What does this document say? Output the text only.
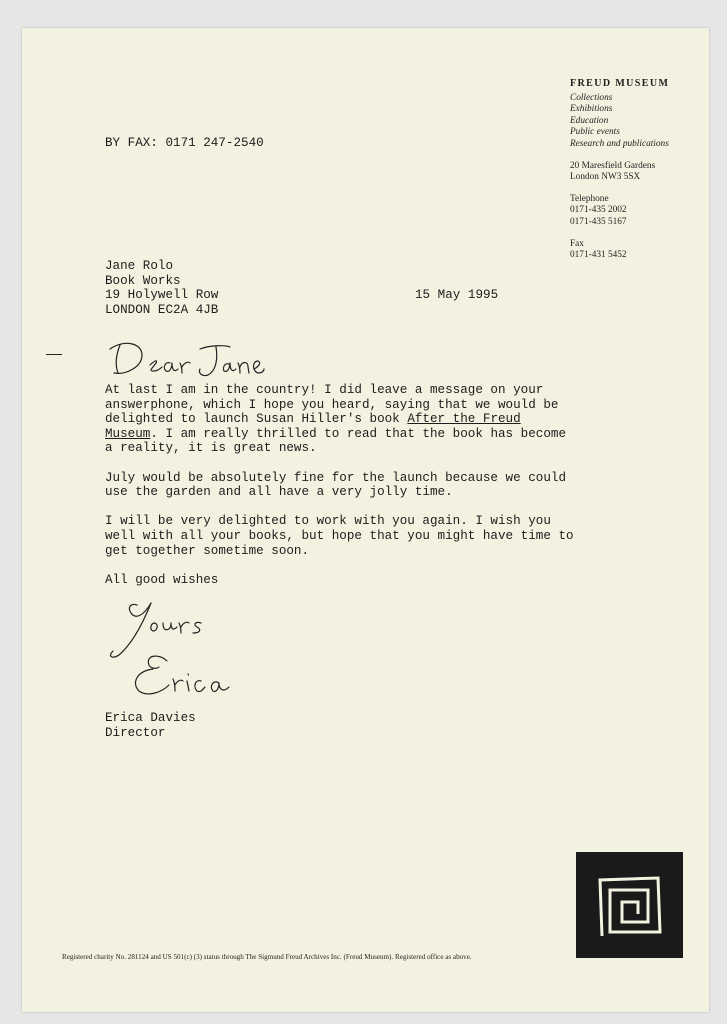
FREUD MUSEUM
Collections
Exhibitions
Education
Public events
Research and publications
20 Maresfield Gardens
London NW3 5SX
Telephone
0171-435 2002
0171-435 5167
Fax
0171-431 5452
BY FAX: 0171 247-2540
Jane Rolo
Book Works
19 Holywell Row
LONDON EC2A 4JB
15 May 1995

At last I am in the country! I did leave a message on your answerphone, which I hope you heard, saying that we would be delighted to launch Susan Hiller's book After the Freud Museum. I am really thrilled to read that the book has become a reality, it is great news.

July would be absolutely fine for the launch because we could use the garden and all have a very jolly time.

I will be very delighted to work with you again. I wish you well with all your books, but hope that you might have time to get together sometime soon.

All good wishes

Erica Davies
Director
Registered charity No. 281124 and US 501(c) (3) status through The Sigmund Freud Archives Inc. (Freud Museum). Registered office as above.
